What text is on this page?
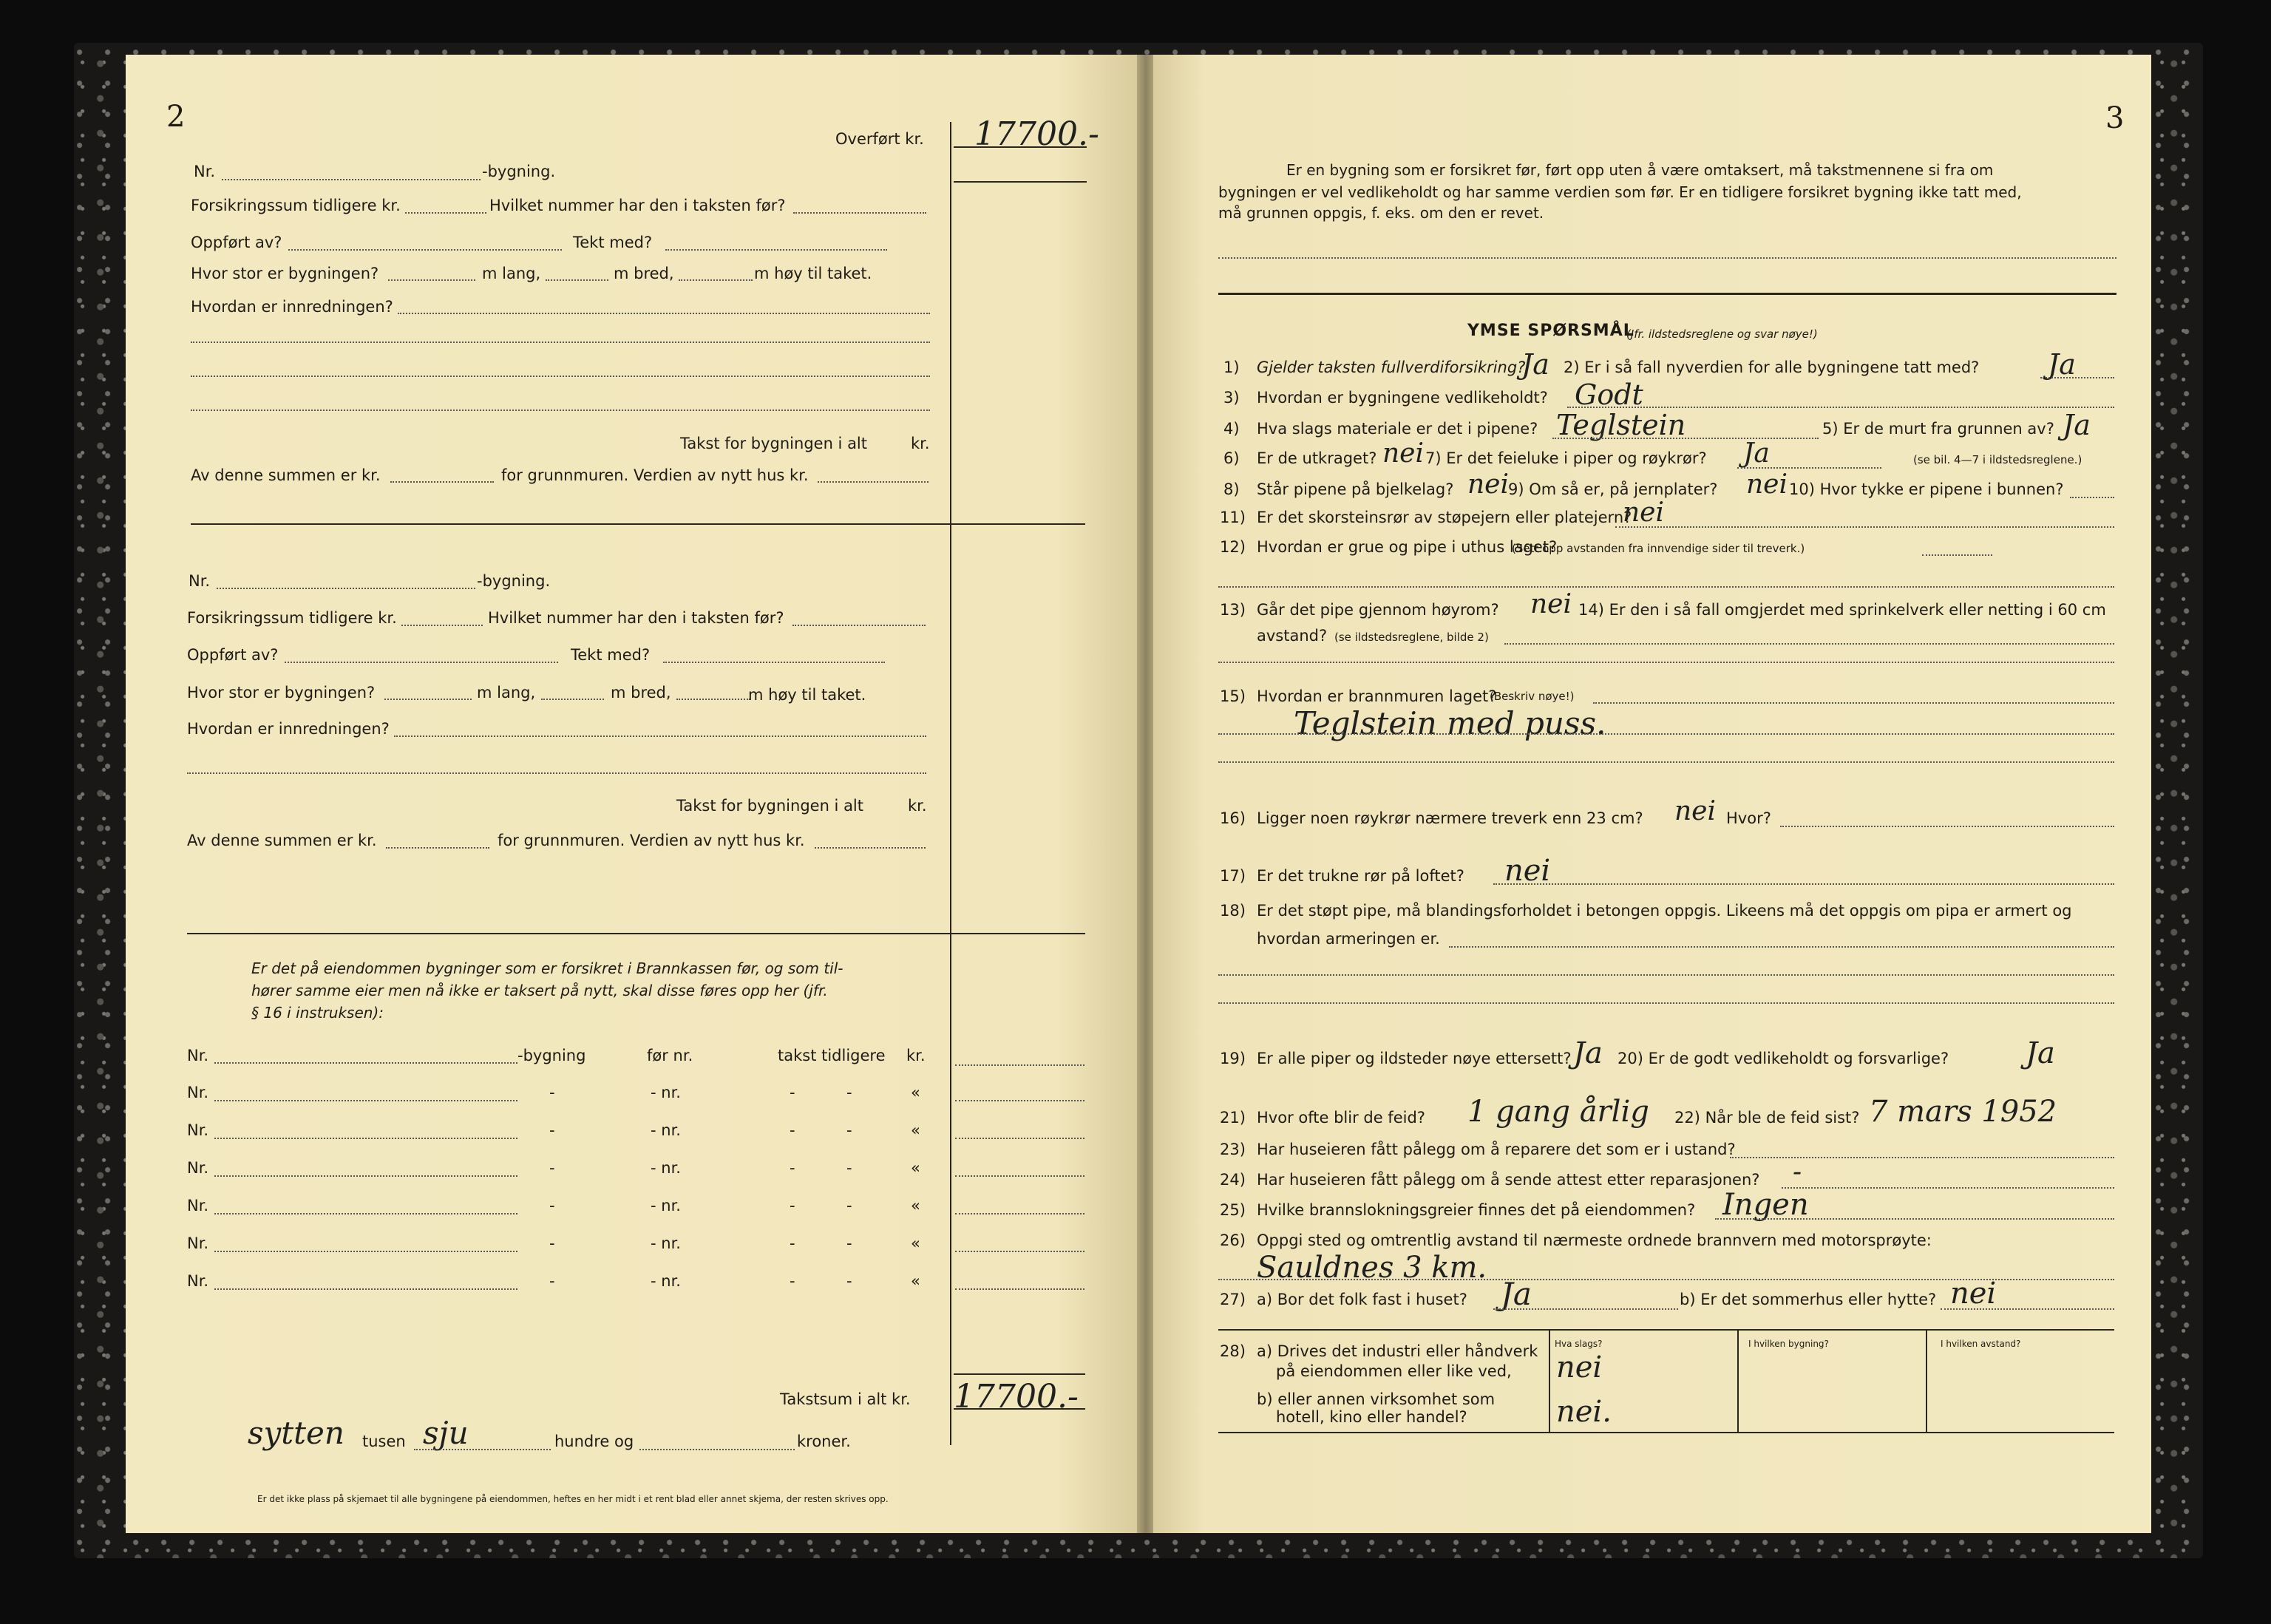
2
Overført kr. 17700.-
Nr.	-bygning.
Forsikringssum tidligere kr.	Hvilket nummer har den i taksten før?
Oppført av?	Tekt med?
Hvor stor er bygningen?	m lang,	m bred,	m høy til taket.
Hvordan er innredningen?
Takst for bygningen i alt	kr.
Av denne summen er kr.	for grunnmuren. Verdien av nytt hus kr.
Nr.	-bygning.
Forsikringssum tidligere kr.	Hvilket nummer har den i taksten før?
Oppført av?	Tekt med?
Hvor stor er bygningen?	m lang,	m bred,	m høy til taket.
Hvordan er innredningen?
Takst for bygningen i alt	kr.
Av denne summen er kr.	for grunnmuren. Verdien av nytt hus kr.
Er det på eiendommen bygninger som er forsikret i Brannkassen før, og som til-
hører samme eier men nå ikke er taksert på nytt, skal disse føres opp her (jfr.
§ 16 i instruksen):
Nr.	-bygning	før nr.	takst tidligere kr.
Nr.	-	- nr.	-	-	«
Nr.	-	- nr.	-	-	«
Nr.	-	- nr.	-	-	«
Nr.	-	- nr.	-	-	«
Nr.	-	- nr.	-	-	«
Nr.	-	- nr.	-	-	«
Takstsum i alt kr. 17700.-
sytten tusen sju	hundre og	kroner.
Er det ikke plass på skjemaet til alle bygningene på eiendommen, heftes en her midt i et rent blad eller annet skjema, der resten skrives opp.
3
Er en bygning som er forsikret før, ført opp uten å være omtaksert, må takstmennene si fra om
bygningen er vel vedlikeholdt og har samme verdien som før. Er en tidligere forsikret bygning ikke tatt med,
må grunnen oppgis, f. eks. om den er revet.
YMSE SPØRSMÅL
(Jfr. ildstedsreglene og svar nøye!)
1) Gjelder taksten fullverdiforsikring?
Ja 2) Er i så fall nyverdien for alle bygningene tatt med? Ja
3) Hvordan er bygningene vedlikeholdt? Godt
4) Hva slags materiale er det i pipene? Teglstein	5) Er de murt fra grunnen av? Ja
6) Er de utkraget? nei 7) Er det feieluke i piper og røykrør? Ja	(se bil. 4—7 i ildstedsreglene.)
8) Står pipene på bjelkelag? nei
9) Om så er, på jernplater? nei 10) Hvor tykke er pipene i bunnen?
11) Er det skorsteinsrør av støpejern eller platejern?
nei
12) Hvordan er grue og pipe i uthus laget?
(Sett opp avstanden fra innvendige sider til treverk.)
13) Går det pipe gjennom høyrom? nei 14) Er den i så fall omgjerdet med sprinkelverk eller netting i 60 cm
avstand? (se ildstedsreglene, bilde 2)
15) Hvordan er brannmuren laget?
(Beskriv nøye!)
Teglstein med puss.
16) Ligger noen røykrør nærmere treverk enn 23 cm? nei Hvor?
17) Er det trukne rør på loftet? nei
18) Er det støpt pipe, må blandingsforholdet i betongen oppgis. Likeens må det oppgis om pipa er armert og
hvordan armeringen er.
19) Er alle piper og ildsteder nøye ettersett? Ja 20) Er de godt vedlikeholdt og forsvarlige?	Ja
21) Hvor ofte blir de feid? 1 gang årlig 22) Når ble de feid sist? 7 mars 1952
23) Har huseieren fått pålegg om å reparere det som er i ustand?
24) Har huseieren fått pålegg om å sende attest etter reparasjonen? -
25) Hvilke brannslokningsgreier finnes det på eiendommen? Ingen
26) Oppgi sted og omtrentlig avstand til nærmeste ordnede brannvern med motorsprøyte:
Sauldnes 3 km.
27) a) Bor det folk fast i huset? Ja	b) Er det sommerhus eller hytte? nei
28) a) Drives det industri eller håndverk
på eiendommen eller like ved,
b) eller annen virksomhet som
hotell, kino eller handel?
Hva slags?	I hvilken bygning?	I hvilken avstand?
nei
nei.
